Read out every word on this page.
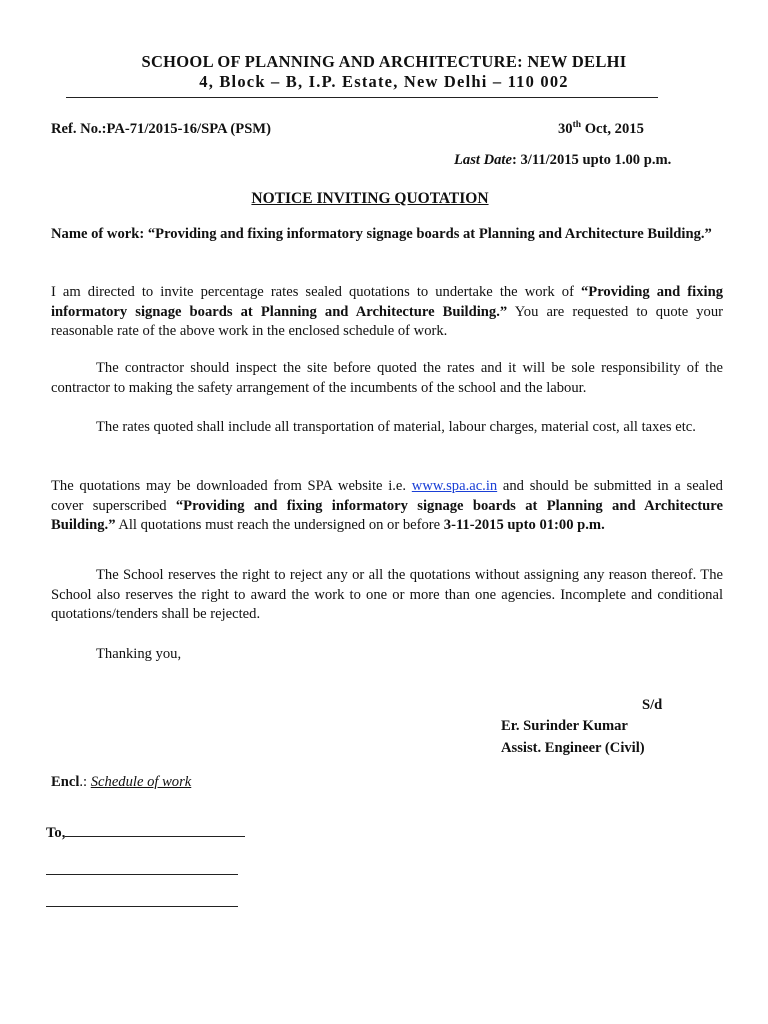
SCHOOL OF PLANNING AND ARCHITECTURE: NEW DELHI
4, Block – B, I.P. Estate, New Delhi – 110 002
Ref. No.:PA-71/2015-16/SPA (PSM)	30th Oct, 2015
Last Date: 3/11/2015 upto 1.00 p.m.
NOTICE INVITING QUOTATION
Name of work: “Providing and fixing informatory signage boards at Planning and Architecture Building.”
I am directed to invite percentage rates sealed quotations to undertake the work of “Providing and fixing informatory signage boards at Planning and Architecture Building.” You are requested to quote your reasonable rate of the above work in the enclosed schedule of work.
The contractor should inspect the site before quoted the rates and it will be sole responsibility of the contractor to making the safety arrangement of the incumbents of the school and the labour.
The rates quoted shall include all transportation of material, labour charges, material cost, all taxes etc.
The quotations may be downloaded from SPA website i.e. www.spa.ac.in and should be submitted in a sealed cover superscribed “Providing and fixing informatory signage boards at Planning and Architecture Building.” All quotations must reach the undersigned on or before 3-11-2015 upto 01:00 p.m.
The School reserves the right to reject any or all the quotations without assigning any reason thereof. The School also reserves the right to award the work to one or more than one agencies. Incomplete and conditional quotations/tenders shall be rejected.
Thanking you,
S/d
Er. Surinder Kumar
Assist. Engineer (Civil)
Encl.: Schedule of work
To,
